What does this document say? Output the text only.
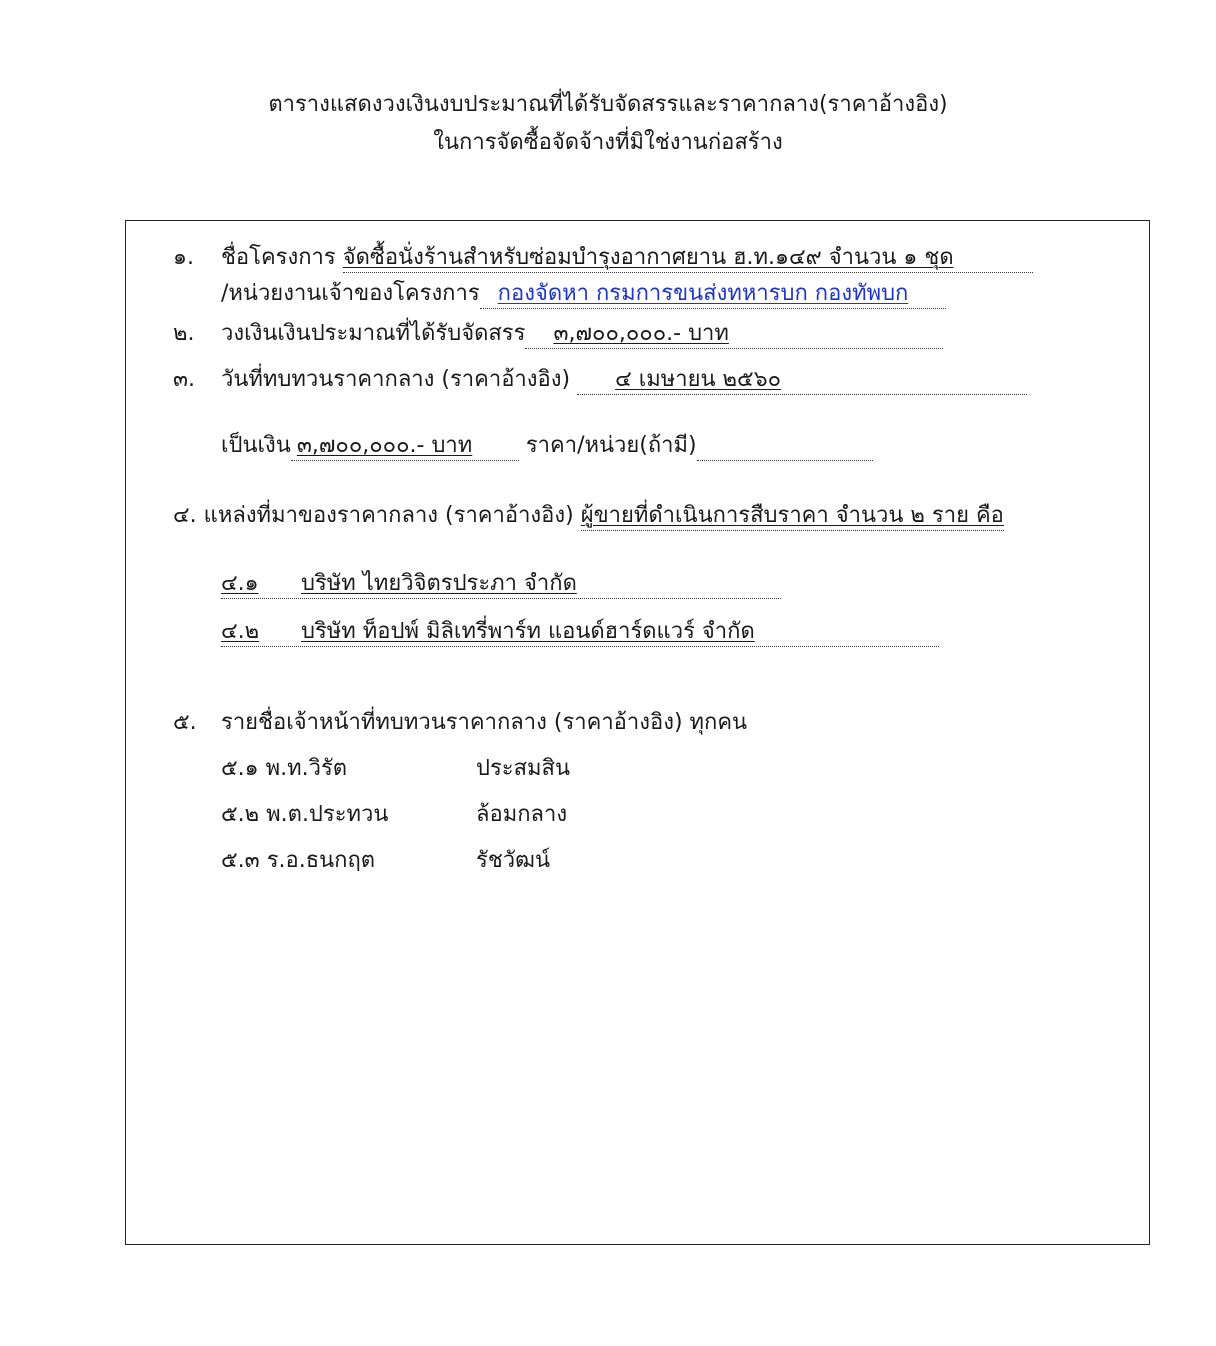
ตารางแสดงวงเงินงบประมาณที่ได้รับจัดสรรและราคากลาง(ราคาอ้างอิง)
ในการจัดซื้อจัดจ้างที่มิใช่งานก่อสร้าง
๑. ชื่อโครงการ จัดซื้อนั่งร้านสำหรับซ่อมบำรุงอากาศยาน ฮ.ท.๑๔๙ จำนวน ๑ ชุด
/หน่วยงานเจ้าของโครงการ กองจัดหา กรมการขนส่งทหารบก กองทัพบก
๒. วงเงินเงินประมาณที่ได้รับจัดสรร ๓,๗๐๐,๐๐๐.- บาท
๓. วันที่ทบทวนราคากลาง (ราคาอ้างอิง) ๔ เมษายน ๒๕๖๐
เป็นเงิน ๓,๗๐๐,๐๐๐.- บาท ราคา/หน่วย(ถ้ามี)
๔. แหล่งที่มาของราคากลาง (ราคาอ้างอิง) ผู้ขายที่ดำเนินการสืบราคา จำนวน ๒ ราย คือ
๔.๑ บริษัท ไทยวิจิตรประภา จำกัด
๔.๒ บริษัท ท็อปพ์ มิลิเทรี่พาร์ท แอนด์ฮาร์ดแวร์ จำกัด
๕. รายชื่อเจ้าหน้าที่ทบทวนราคากลาง (ราคาอ้างอิง) ทุกคน
๕.๑ พ.ท.วิรัต	ประสมสิน
๕.๒ พ.ต.ประทวน	ล้อมกลาง
๕.๓ ร.อ.ธนกฤต	รัชวัฒน์
